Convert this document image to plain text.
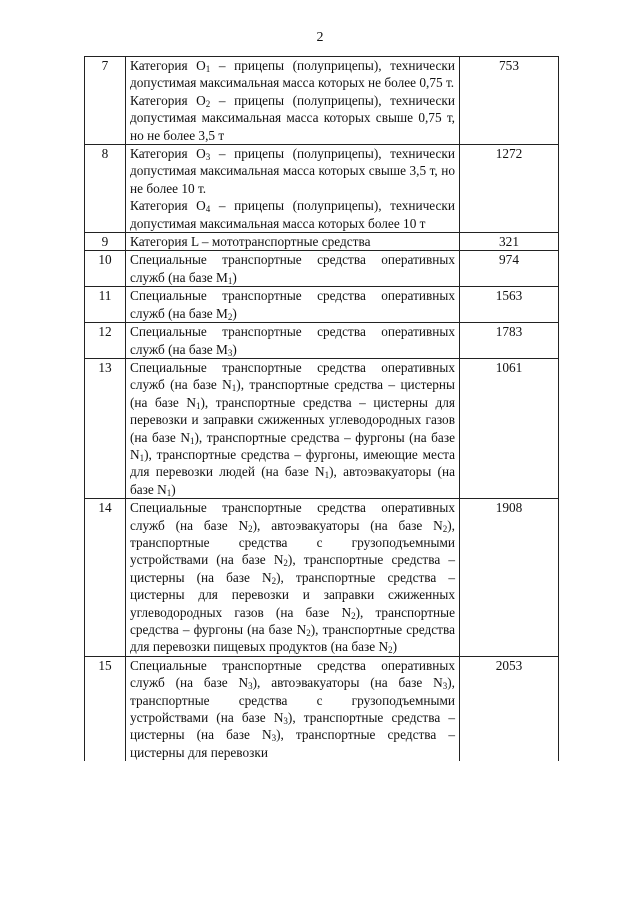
2
7	Категория $O_1$ – прицепы (полуприцепы), технически допустимая максимальная масса которых не более 0,75 т.
Категория $O_2$ – прицепы (полуприцепы), технически допустимая максимальная масса которых свыше 0,75 т, но не более 3,5 т	753
8	Категория $O_3$ – прицепы (полуприцепы), технически допустимая максимальная масса которых свыше 3,5 т, но не более 10 т.
Категория $O_4$ – прицепы (полуприцепы), технически допустимая максимальная масса которых более 10 т	1272
9	Категория L – мототранспортные средства	321
10	Специальные транспортные средства оперативных служб (на базе $M_1$)	974
11	Специальные транспортные средства оперативных служб (на базе $M_2$)	1563
12	Специальные транспортные средства оперативных служб (на базе $M_3$)	1783
13	Специальные транспортные средства оперативных служб (на базе $N_1$), транспортные средства – цистерны (на базе $N_1$), транспортные средства – цистерны для перевозки и заправки сжиженных углеводородных газов (на базе $N_1$), транспортные средства – фургоны (на базе $N_1$), транспортные средства – фургоны, имеющие места для перевозки людей (на базе $N_1$), автоэвакуаторы (на базе $N_1$)	1061
14	Специальные транспортные средства оперативных служб (на базе $N_2$), автоэвакуаторы (на базе $N_2$), транспортные средства с грузоподъемными устройствами (на базе $N_2$), транспортные средства – цистерны (на базе $N_2$), транспортные средства – цистерны для перевозки и заправки сжиженных углеводородных газов (на базе $N_2$), транспортные средства – фургоны (на базе $N_2$), транспортные средства для перевозки пищевых продуктов (на базе $N_2$)	1908
15	Специальные транспортные средства оперативных служб (на базе $N_3$), автоэвакуаторы (на базе $N_3$), транспортные средства с грузоподъемными устройствами (на базе $N_3$), транспортные средства – цистерны (на базе $N_3$), транспортные средства – цистерны для перевозки	2053
